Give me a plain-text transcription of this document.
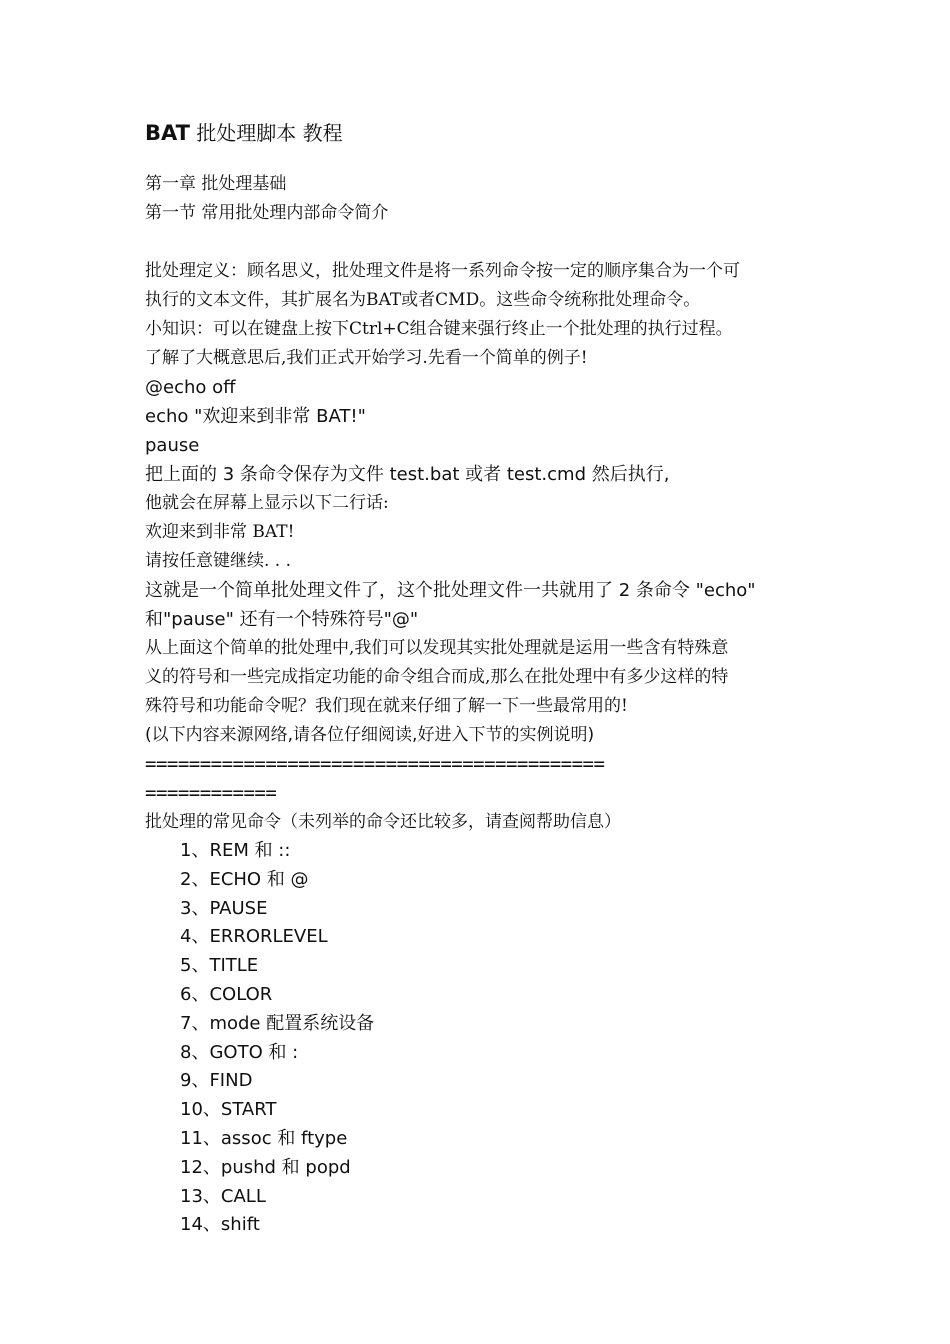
BAT 批处理脚本 教程
第一章 批处理基础
第一节 常用批处理内部命令简介
批处理定义：顾名思义，批处理文件是将一系列命令按一定的顺序集合为一个可
执行的文本文件，其扩展名为BAT或者CMD。这些命令统称批处理命令。
小知识：可以在键盘上按下Ctrl+C组合键来强行终止一个批处理的执行过程。
了解了大概意思后,我们正式开始学习.先看一个简单的例子!
@echo off
echo "欢迎来到非常 BAT!"
pause
把上面的 3 条命令保存为文件 test.bat 或者 test.cmd 然后执行,
他就会在屏幕上显示以下二行话:
欢迎来到非常 BAT!
请按任意键继续. . .
这就是一个简单批处理文件了，这个批处理文件一共就用了 2 条命令 "echo"
和"pause" 还有一个特殊符号"@"
从上面这个简单的批处理中,我们可以发现其实批处理就是运用一些含有特殊意
义的符号和一些完成指定功能的命令组合而成,那么在批处理中有多少这样的特
殊符号和功能命令呢？我们现在就来仔细了解一下一些最常用的!
(以下内容来源网络,请各位仔细阅读,好进入下节的实例说明)
==========================================
============
批处理的常见命令（未列举的命令还比较多，请查阅帮助信息）
1、REM 和 ::
2、ECHO 和 @
3、PAUSE
4、ERRORLEVEL
5、TITLE
6、COLOR
7、mode 配置系统设备
8、GOTO 和 :
9、FIND
10、START
11、assoc 和 ftype
12、pushd 和 popd
13、CALL
14、shift
